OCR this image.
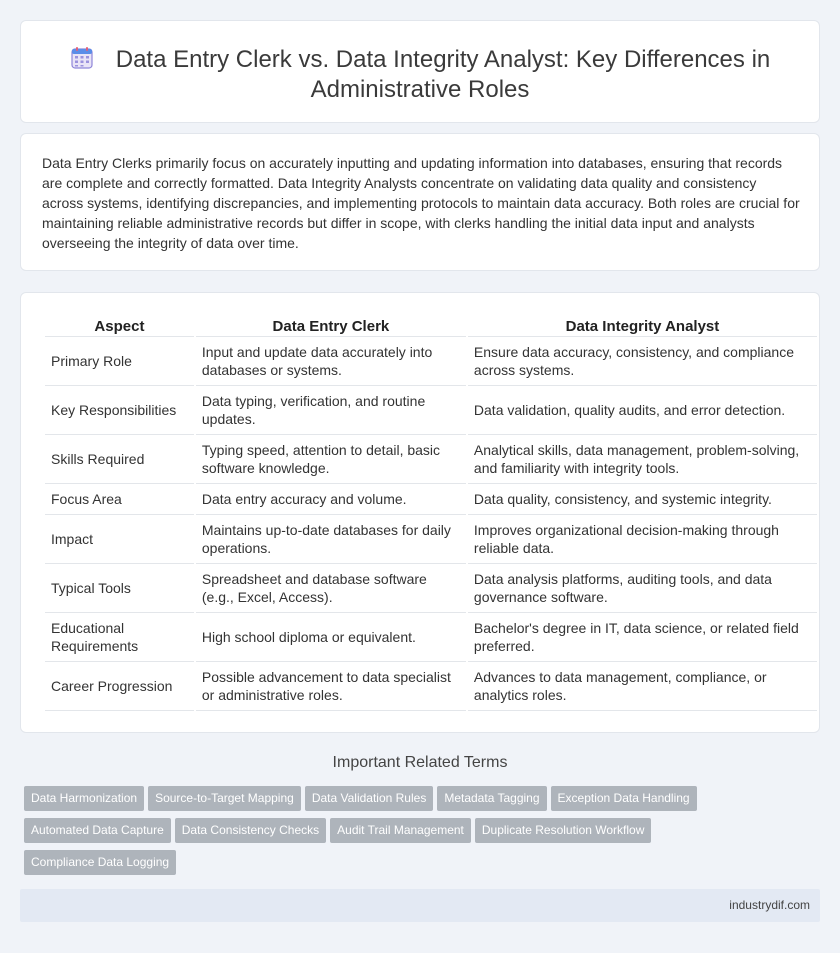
Data Entry Clerk vs. Data Integrity Analyst: Key Differences in
Administrative Roles

Data Entry Clerks primarily focus on accurately inputting and updating information into databases, ensuring that records are complete and correctly formatted. Data Integrity Analysts concentrate on validating data quality and consistency across systems, identifying discrepancies, and implementing protocols to maintain data accuracy. Both roles are crucial for maintaining reliable administrative records but differ in scope, with clerks handling the initial data input and analysts overseeing the integrity of data over time.

Aspect	Data Entry Clerk	Data Integrity Analyst
Primary Role	Input and update data accurately into databases or systems.	Ensure data accuracy, consistency, and compliance across systems.
Key Responsibilities	Data typing, verification, and routine updates.	Data validation, quality audits, and error detection.
Skills Required	Typing speed, attention to detail, basic software knowledge.	Analytical skills, data management, problem-solving, and familiarity with integrity tools.
Focus Area	Data entry accuracy and volume.	Data quality, consistency, and systemic integrity.
Impact	Maintains up-to-date databases for daily operations.	Improves organizational decision-making through reliable data.
Typical Tools	Spreadsheet and database software (e.g., Excel, Access).	Data analysis platforms, auditing tools, and data governance software.
Educational Requirements	High school diploma or equivalent.	Bachelor's degree in IT, data science, or related field preferred.
Career Progression	Possible advancement to data specialist or administrative roles.	Advances to data management, compliance, or analytics roles.
Important Related Terms
Data Harmonization Source-to-Target Mapping Data Validation Rules Metadata Tagging Exception Data HandlingAutomated Data Capture Data Consistency Checks Audit Trail Management Duplicate Resolution WorkflowCompliance Data Logging
industrydif.com
